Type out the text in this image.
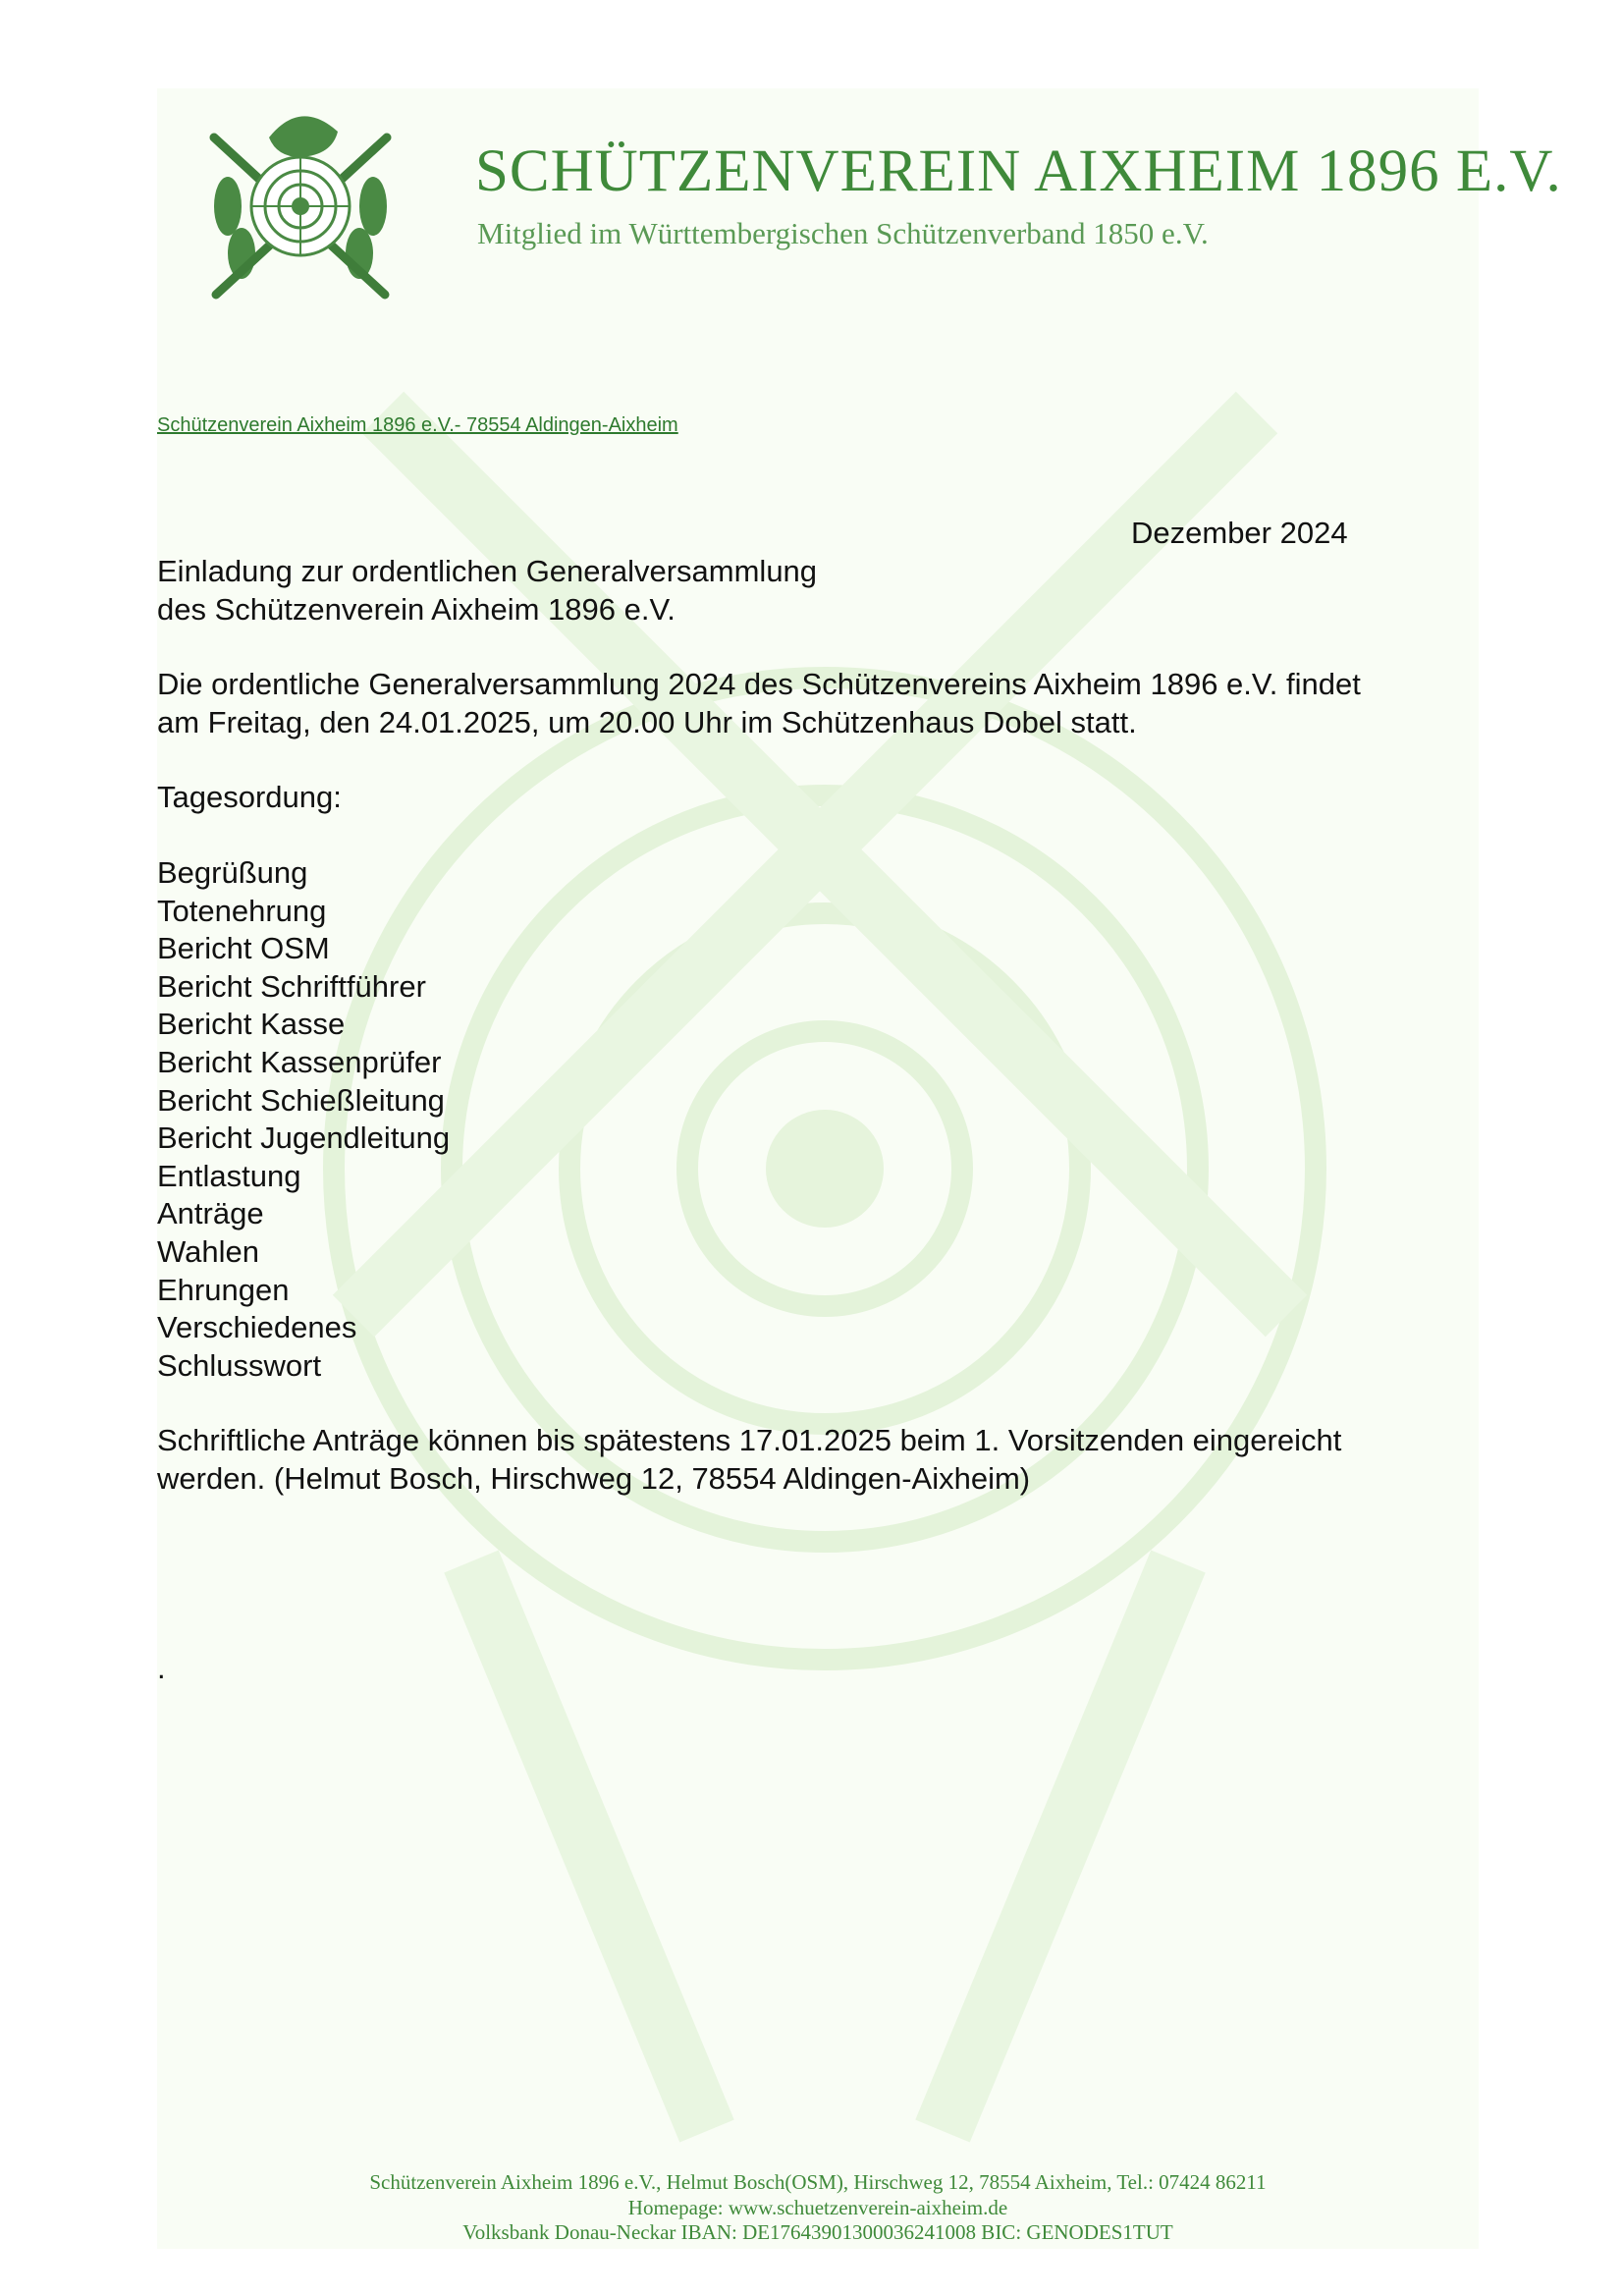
SCHÜTZENVEREIN AIXHEIM 1896 E.V.
Mitglied im Württembergischen Schützenverband 1850 e.V.
Schützenverein Aixheim 1896 e.V.- 78554 Aldingen-Aixheim
Dezember 2024
Einladung zur ordentlichen Generalversammlung
des Schützenverein Aixheim 1896 e.V.
Die ordentliche Generalversammlung 2024 des Schützenvereins Aixheim 1896 e.V. findet
am Freitag, den 24.01.2025, um 20.00 Uhr im Schützenhaus Dobel statt.
Tagesordung:
Begrüßung
Totenehrung
Bericht OSM
Bericht Schriftführer
Bericht Kasse
Bericht Kassenprüfer
Bericht Schießleitung
Bericht Jugendleitung
Entlastung
Anträge
Wahlen
Ehrungen
Verschiedenes
Schlusswort
Schriftliche Anträge können bis spätestens 17.01.2025 beim 1. Vorsitzenden eingereicht
werden. (Helmut Bosch, Hirschweg 12, 78554 Aldingen-Aixheim)
.
Schützenverein Aixheim 1896 e.V., Helmut Bosch(OSM), Hirschweg 12, 78554 Aixheim, Tel.: 07424 86211
Homepage: www.schuetzenverein-aixheim.de
Volksbank Donau-Neckar IBAN: DE17643901300036241008 BIC: GENODES1TUT
